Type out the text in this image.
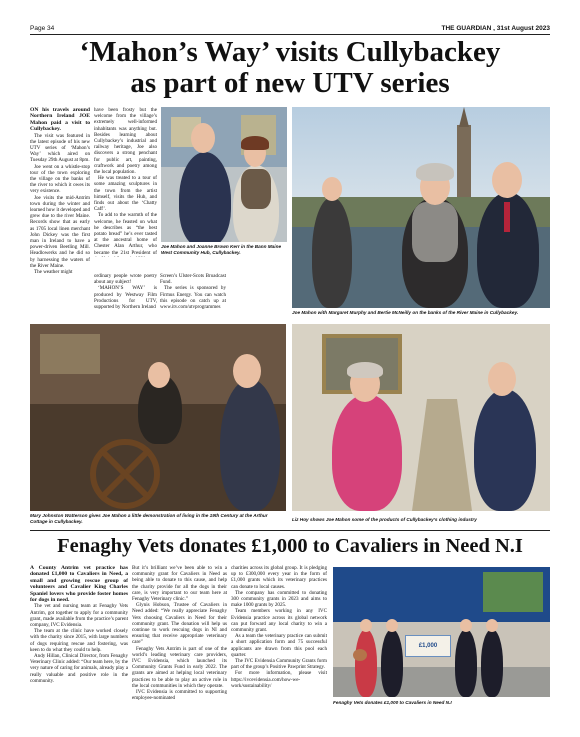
Page 34	THE GUARDIAN , 31st August 2023
‘Mahon’s Way’ visits Cullybackey
as part of new UTV series

ON his travels around Northern Ireland JOE Mahon paid a visit to Cullybackey.

The visit was featured in the latest episode of his new UTV series of ‘Mahon’s Way’ which aired on Tuesday 29th August at 8pm.

Joe went on a whistle-stop tour of the town exploring the village on the banks of the river to which it owes its very existence.

Joe visits the mid-Antrim town during the winter and learned how it developed and grew due to the river Maine. Records show that as early as 1705 local linen merchant John Dickey was the first man in Ireland to have a power-driven Beetling Mill. Headlowerks and he did so by harnessing the waters of the River Maine.

The weather might

have been frosty but the welcome from the village’s extremely well-informed inhabitants was anything but. Besides learning about Cullybackey’s industrial and railway heritage, Joe also discovers a strong penchant for public art, painting, craftwork and poetry among the local population.

He was treated to a tour of some amazing sculptures in the town from the artist himself, visits the Hub, and finds out about the ‘Chatty Caff’.

To add to the warmth of the welcome, he feasted on what he describes as “the best potato bread” he’s ever tasted at the ancestral home of Chester Alan Arthur, who became the 21st President of

ordinary people wrote poetry about any subject!

‘MAHON’S WAY’ is produced by Westway Film Productions for UTV, supported by Northern Ireland

Screen’s Ulster-Scots Broadcast Fund.

The series is sponsored by Firmus Energy. You can watch this episode on catch up at www.itv.com/utvprogrammes

Joe Mahon and Joanne Brown Kerr in the Bann Maine West Community Hub, Cullybackey.
Joe Mahon with Margaret Murphy and Bertie McNeilly on the banks of the River Maine in Cullybackey.
Mary Johnston Watterson gives Joe Mahon a little demonstration of living in the 19th Century at the Arthur Cottage in Cullybackey.	Liz Hoy shows Joe Mahon some of the products of Cullybackey’s clothing industry
Fenaghy Vets donates £1,000 to Cavaliers in Need N.I

A County Antrim vet practice has donated £1,000 to Cavaliers in Need, a small and growing rescue group of volunteers and Cavalier King Charles Spaniel lovers who provide foster homes for dogs in need.

The vet and nursing team at Fenaghy Vets Antrim, got together to apply for a community grant, made available from the practice’s parent company, IVC Evidensia.

The team at the clinic have worked closely with the charity since 2015, with large numbers of dogs requiring rescue and fostering, was keen to do what they could to help.

Andy Hillan, Clinical Director, from Fenaghy Veterinary Clinic added: “Our team here, by the very nature of caring for animals, already play a really valuable and positive role in the community.

But it’s brilliant we’ve been able to win a community grant for Cavaliers in Need as being able to donate to this cause, and help the charity provide for all the dogs in their care, is very important to our team here at Fenaghy Veterinary clinic.”

Glynis Hobson, Trustee of Cavaliers in Need added: “We really appreciate Fenaghy Vets choosing Cavaliers in Need for their community grant. The donation will help us continue to work rescuing dogs in NI and ensuring that receive appropriate veterinary care”

Fenaghy Vets Antrim is part of one of the world’s leading veterinary care providers, IVC Evidensia, which launched its Community Grants Fund in early 2022. The grants are aimed at helping local veterinary practices to be able to play an active role in the local communities in which they operate.

IVC Evidensia is committed to supporting employee-nominated

charities across its global group. It is pledging up to £300,000 every year in the form of £1,000 grants which its veterinary practices can donate to local causes.

The company has committed to donating 300 community grants in 2023 and aims to make 1000 grants by 2025.

Team members working in any IVC Evidensia practice across its global network can put forward any local charity to win a community grant.

As a team the veterinary practice can submit a short application form and 75 successful applicants are drawn from this pool each quarter.

The IVC Evidensia Community Grants form part of the group’s Positive Pawprint Strategy.

For more information, please visit https://ivcevidensia.com/how-we-work/sustainability/

£1,000
Fenaghy Vets donates £1,000 to Cavaliers in Need N.I
